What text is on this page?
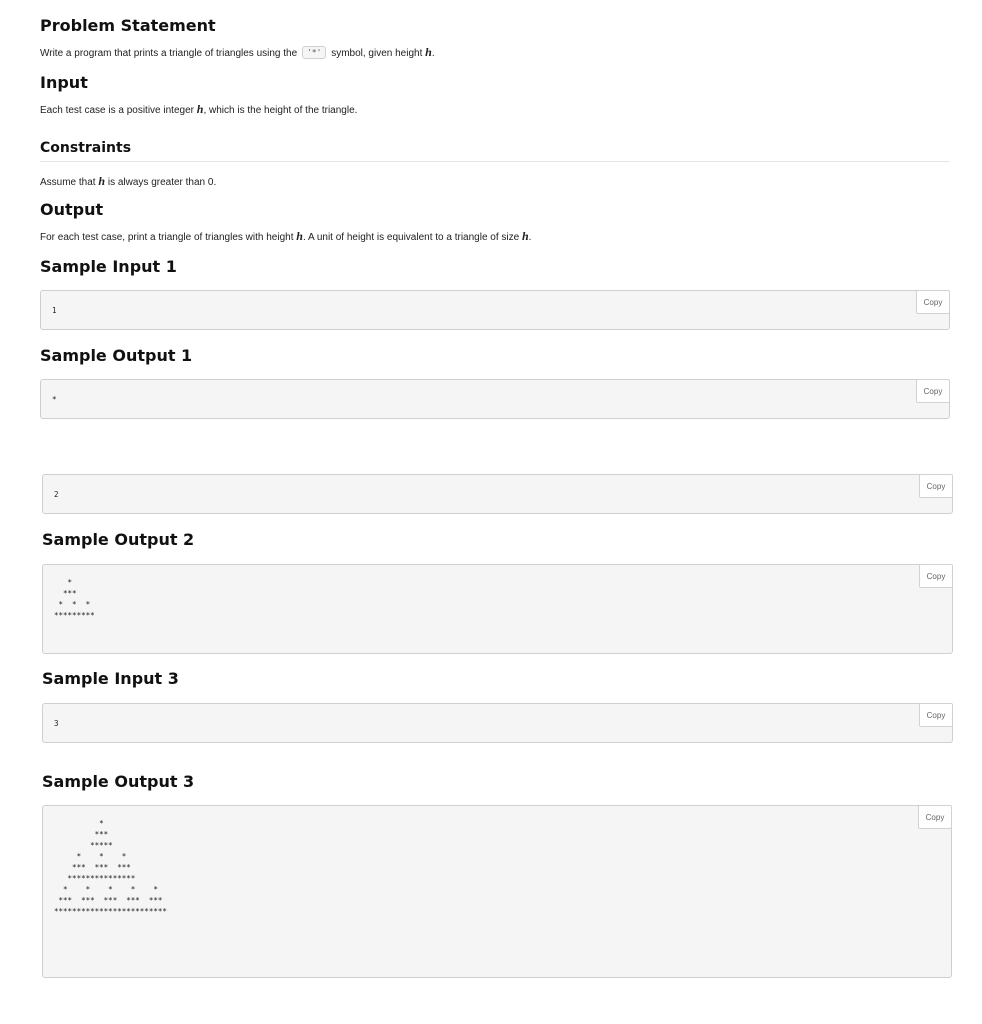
Problem Statement
Write a program that prints a triangle of triangles using the '*' symbol, given height h.
Input
Each test case is a positive integer h, which is the height of the triangle.
Constraints
Assume that h is always greater than 0.
Output
For each test case, print a triangle of triangles with height h. A unit of height is equivalent to a triangle of size h.
Sample Input 1
1
Copy
Sample Output 1
*
Copy
2
Copy
Sample Output 2
*
***
*  *  *
*********
Copy
Sample Input 3
3
Copy
Sample Output 3
*
***
*****
*    *    *
***  ***  ***
***************
*    *    *    *    *
***  ***  ***  ***  ***
*************************
Copy
